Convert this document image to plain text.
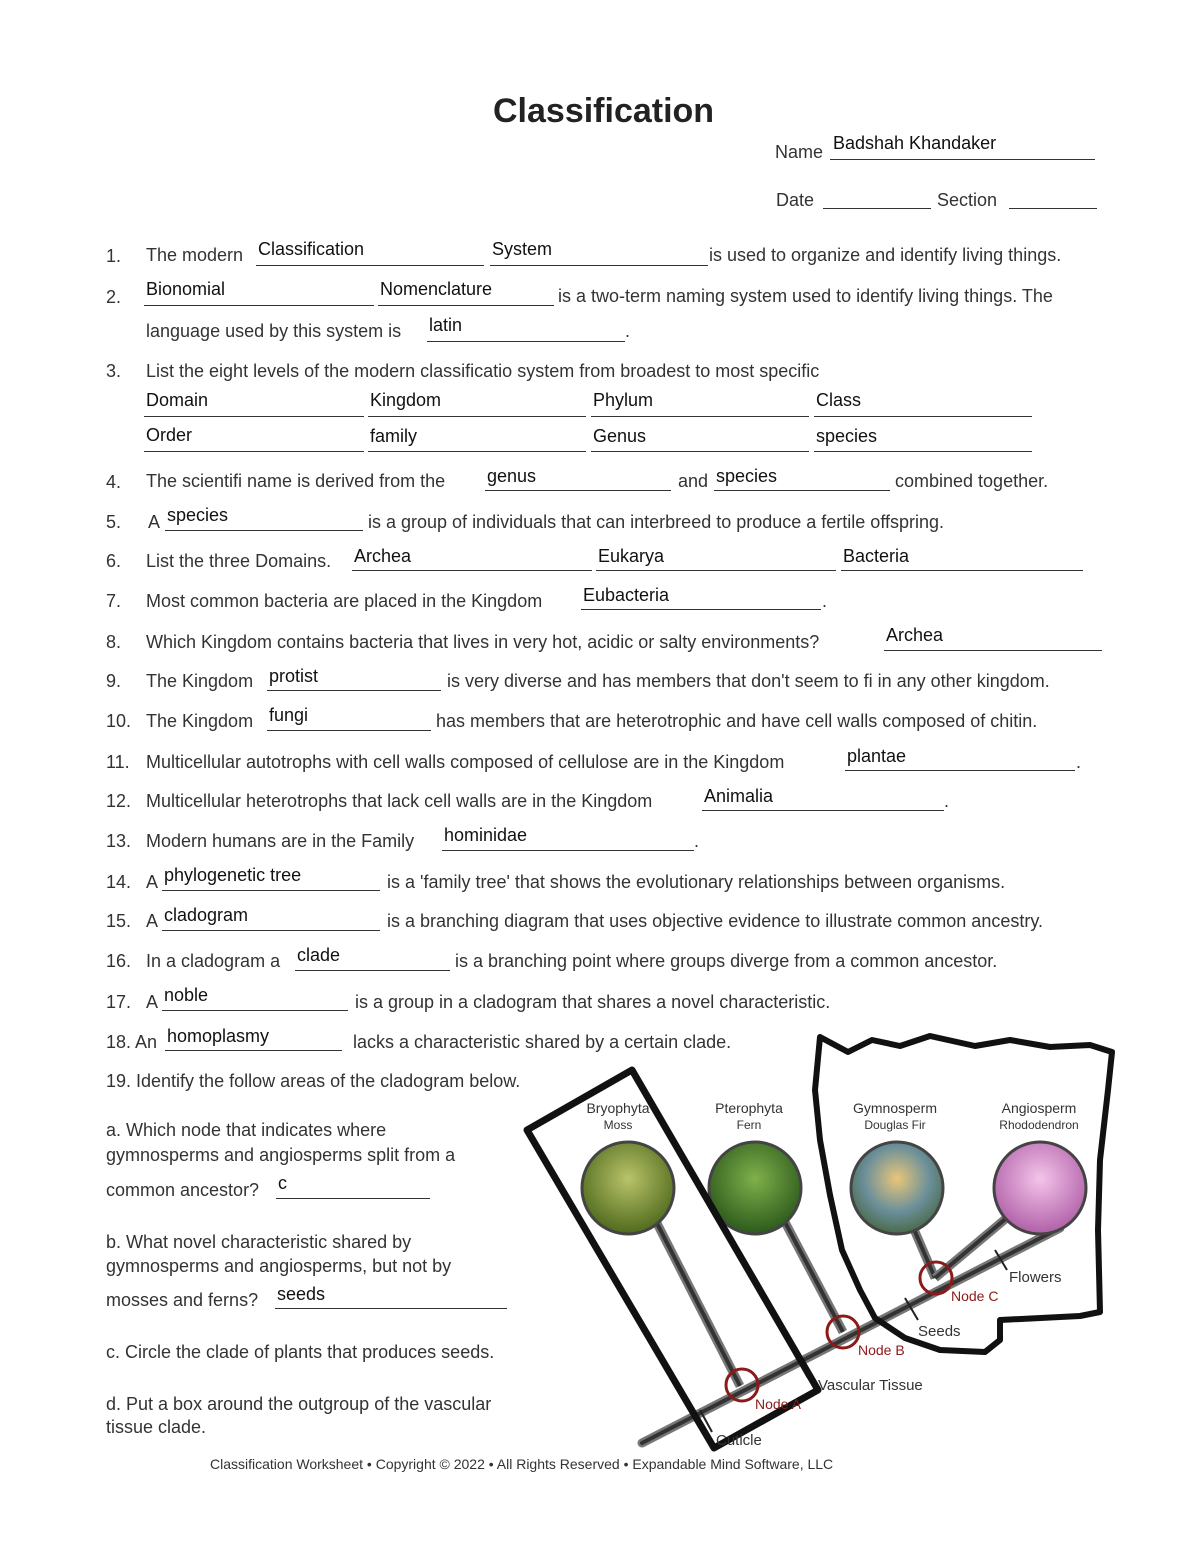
Classification
Name Badshah Khandaker
Date	Section
1. The modern Classification	System	is used to organize and identify living things.
2. Bionomial	Nomenclature	is a two-term naming system used to identify living things. The
language used by this system is latin	.
3. List the eight levels of the modern classificatio system from broadest to most specific
Domain	Kingdom	Phylum	Class
Order	family	Genus	species
4. The scientifi name is derived from the genus	and species	combined together.
5. A species	is a group of individuals that can interbreed to produce a fertile offspring.
6. List the three Domains. Archea	Eukarya	Bacteria
7. Most common bacteria are placed in the Kingdom Eubacteria	.
8. Which Kingdom contains bacteria that lives in very hot, acidic or salty environments?	Archea
9. The Kingdom protist	is very diverse and has members that don't seem to fi in any other kingdom.
10. The Kingdom fungi	has members that are heterotrophic and have cell walls composed of chitin.
11. Multicellular autotrophs with cell walls composed of cellulose are in the Kingdom	plantae	.
12. Multicellular heterotrophs that lack cell walls are in the Kingdom	Animalia	.
13. Modern humans are in the Family hominidae	.
14. A phylogenetic tree	is a 'family tree' that shows the evolutionary relationships between organisms.
15. A cladogram	is a branching diagram that uses objective evidence to illustrate common ancestry.
16. In a cladogram a clade	is a branching point where groups diverge from a common ancestor.
17. A noble	is a group in a cladogram that shares a novel characteristic.
18. An homoplasmy	lacks a characteristic shared by a certain clade.
19. Identify the follow areas of the cladogram below.
a. Which node that indicates where
gymnosperms and angiosperms split from a
common ancestor? c
b. What novel characteristic shared by
gymnosperms and angiosperms, but not by
mosses and ferns? seeds
c. Circle the clade of plants that produces seeds.
d. Put a box around the outgroup of the vascular
tissue clade.
Bryophyta
Moss
Pterophyta
Fern
Gymnosperm
Douglas Fir
Angiosperm
Rhododendron
Node C
Node B
Node A
Flowers
Seeds
Vascular Tissue
Cuticle
Classification Worksheet • Copyright © 2022 • All Rights Reserved • Expandable Mind Software, LLC
